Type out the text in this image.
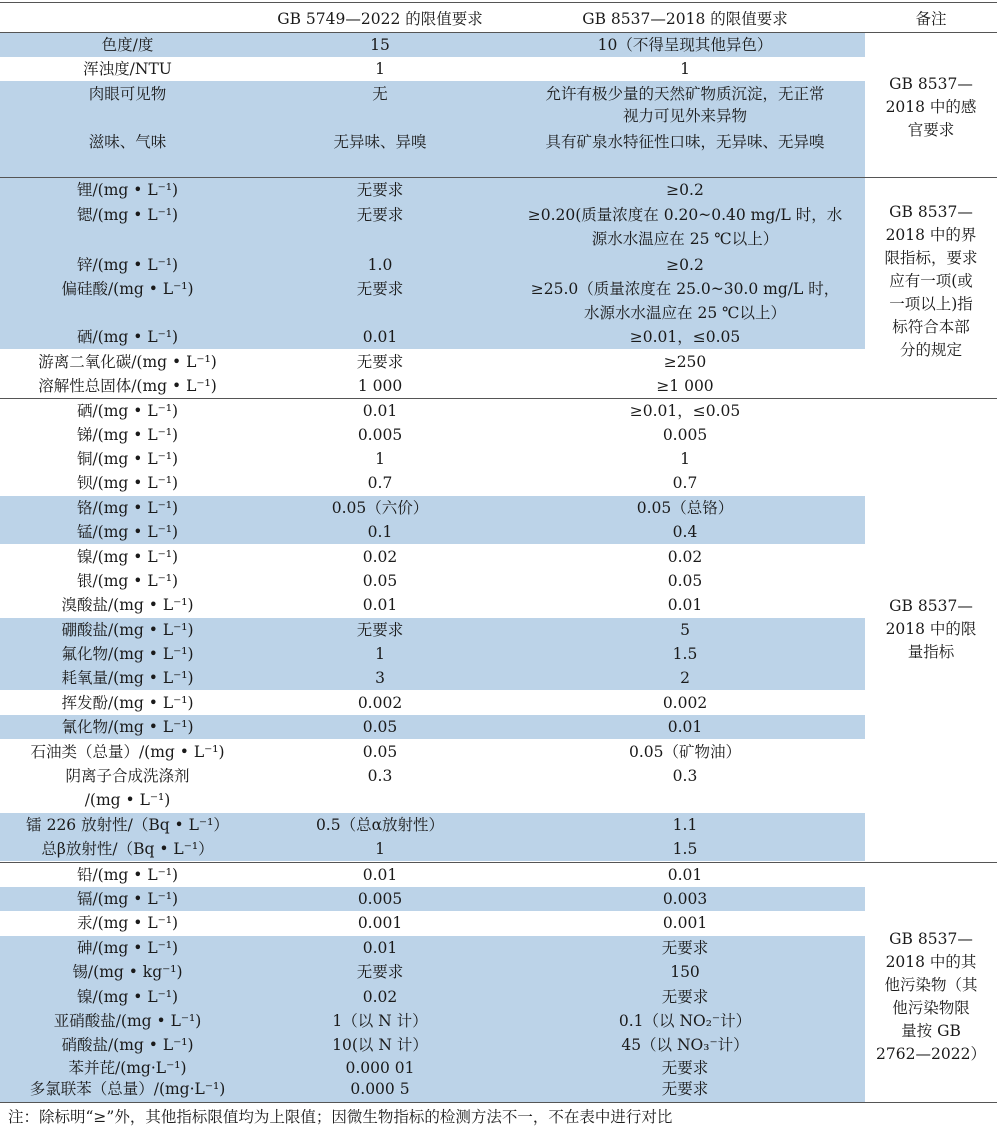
GB 5749—2022 的限值要求	GB 8537—2018 的限值要求	备注
色度/度	15	10（不得呈现其他异色）
浑浊度/NTU	1	1
肉眼可见物	无	允许有极少量的天然矿物质沉淀，无正常
视力可见外来异物
滋味、气味	无异味、异嗅	具有矿泉水特征性口味，无异味、无异嗅
GB 8537—
2018 中的感
官要求
锂/(mg • L⁻¹)	无要求	≥0.2
锶/(mg • L⁻¹)	无要求	≥0.20(质量浓度在 0.20~0.40 mg/L 时，水
源水水温应在 25 ℃以上）
锌/(mg • L⁻¹)	1.0	≥0.2
偏硅酸/(mg • L⁻¹)	无要求	≥25.0（质量浓度在 25.0~30.0 mg/L 时，
水源水水温应在 25 ℃以上）
硒/(mg • L⁻¹)	0.01	≥0.01，≤0.05
游离二氧化碳/(mg • L⁻¹)	无要求	≥250
溶解性总固体/(mg • L⁻¹)	1 000	≥1 000
GB 8537—
2018 中的界
限指标，要求
应有一项(或
一项以上)指
标符合本部
分的规定
硒/(mg • L⁻¹)	0.01	≥0.01，≤0.05
锑/(mg • L⁻¹)	0.005	0.005
铜/(mg • L⁻¹)	1	1
钡/(mg • L⁻¹)	0.7	0.7
铬/(mg • L⁻¹)	0.05（六价）	0.05（总铬）
锰/(mg • L⁻¹)	0.1	0.4
镍/(mg • L⁻¹)	0.02	0.02
银/(mg • L⁻¹)	0.05	0.05
溴酸盐/(mg • L⁻¹)	0.01	0.01
硼酸盐/(mg • L⁻¹)	无要求	5
氟化物/(mg • L⁻¹)	1	1.5
耗氧量/(mg • L⁻¹)	3	2
挥发酚/(mg • L⁻¹)	0.002	0.002
氰化物/(mg • L⁻¹)	0.05	0.01
石油类（总量）/(mg • L⁻¹)	0.05	0.05（矿物油）
阴离子合成洗涤剂	0.3	0.3
/(mg • L⁻¹)
镭 226 放射性/（Bq • L⁻¹）	0.5（总α放射性）	1.1
总β放射性/（Bq • L⁻¹）	1	1.5
GB 8537—
2018 中的限
量指标
铅/(mg • L⁻¹)	0.01	0.01
镉/(mg • L⁻¹)	0.005	0.003
汞/(mg • L⁻¹)	0.001	0.001
砷/(mg • L⁻¹)	0.01	无要求
锡/(mg • kg⁻¹)	无要求	150
镍/(mg • L⁻¹)	0.02	无要求
亚硝酸盐/(mg • L⁻¹)	1（以 N 计）	0.1（以 NO₂⁻计）
硝酸盐/(mg • L⁻¹)	10(以 N 计）	45（以 NO₃⁻计）
苯并芘/(mg·L⁻¹)	0.000 01	无要求
多氯联苯（总量）/(mg·L⁻¹)	0.000 5	无要求
GB 8537—
2018 中的其
他污染物（其
他污染物限
量按 GB
2762—2022）
注：除标明“≥”外，其他指标限值均为上限值；因微生物指标的检测方法不一，不在表中进行对比
